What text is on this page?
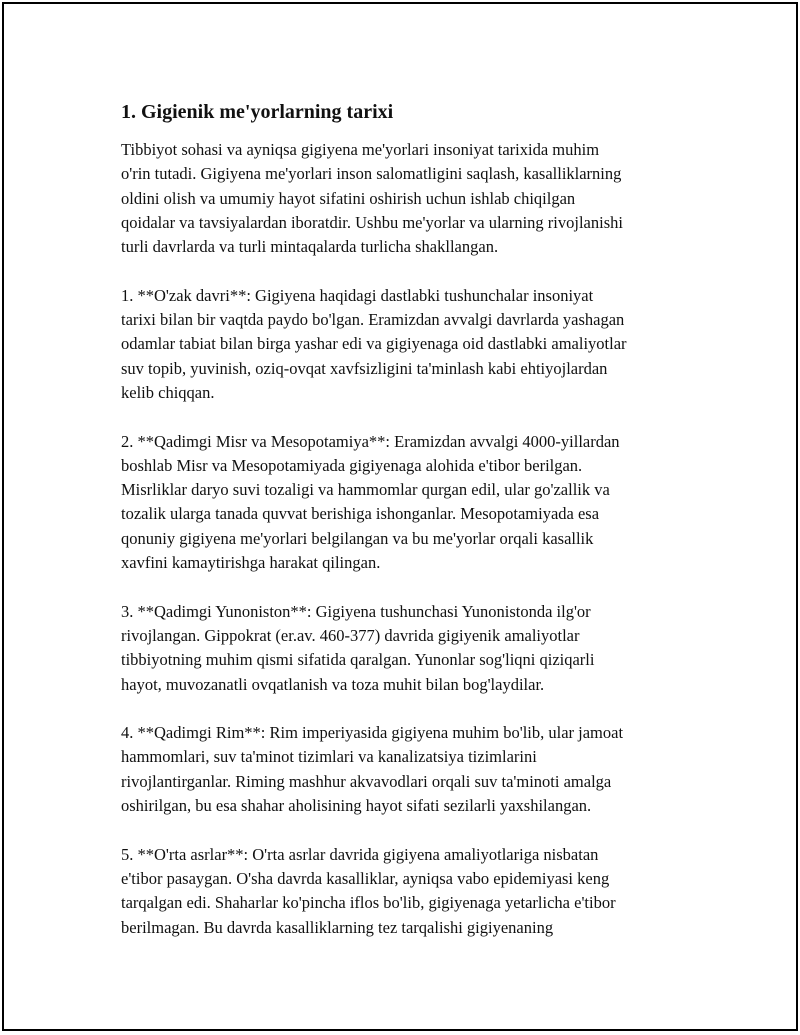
1. Gigienik me'yorlarning tarixi

Tibbiyot sohasi va ayniqsa gigiyena me'yorlari insoniyat tarixida muhim
o'rin tutadi. Gigiyena me'yorlari inson salomatligini saqlash, kasalliklarning
oldini olish va umumiy hayot sifatini oshirish uchun ishlab chiqilgan
qoidalar va tavsiyalardan iboratdir. Ushbu me'yorlar va ularning rivojlanishi
turli davrlarda va turli mintaqalarda turlicha shakllangan.

1. **O'zak davri**: Gigiyena haqidagi dastlabki tushunchalar insoniyat
tarixi bilan bir vaqtda paydo bo'lgan. Eramizdan avvalgi davrlarda yashagan
odamlar tabiat bilan birga yashar edi va gigiyenaga oid dastlabki amaliyotlar
suv topib, yuvinish, oziq-ovqat xavfsizligini ta'minlash kabi ehtiyojlardan
kelib chiqqan.

2. **Qadimgi Misr va Mesopotamiya**: Eramizdan avvalgi 4000-yillardan
boshlab Misr va Mesopotamiyada gigiyenaga alohida e'tibor berilgan.
Misrliklar daryo suvi tozaligi va hammomlar qurgan edil, ular go'zallik va
tozalik ularga tanada quvvat berishiga ishonganlar. Mesopotamiyada esa
qonuniy gigiyena me'yorlari belgilangan va bu me'yorlar orqali kasallik
xavfini kamaytirishga harakat qilingan.

3. **Qadimgi Yunoniston**: Gigiyena tushunchasi Yunonistonda ilg'or
rivojlangan. Gippokrat (er.av. 460-377) davrida gigiyenik amaliyotlar
tibbiyotning muhim qismi sifatida qaralgan. Yunonlar sog'liqni qiziqarli
hayot, muvozanatli ovqatlanish va toza muhit bilan bog'laydilar.

4. **Qadimgi Rim**: Rim imperiyasida gigiyena muhim bo'lib, ular jamoat
hammomlari, suv ta'minot tizimlari va kanalizatsiya tizimlarini
rivojlantirganlar. Riming mashhur akvavodlari orqali suv ta'minoti amalga
oshirilgan, bu esa shahar aholisining hayot sifati sezilarli yaxshilangan.

5. **O'rta asrlar**: O'rta asrlar davrida gigiyena amaliyotlariga nisbatan
e'tibor pasaygan. O'sha davrda kasalliklar, ayniqsa vabo epidemiyasi keng
tarqalgan edi. Shaharlar ko'pincha iflos bo'lib, gigiyenaga yetarlicha e'tibor
berilmagan. Bu davrda kasalliklarning tez tarqalishi gigiyenaning
